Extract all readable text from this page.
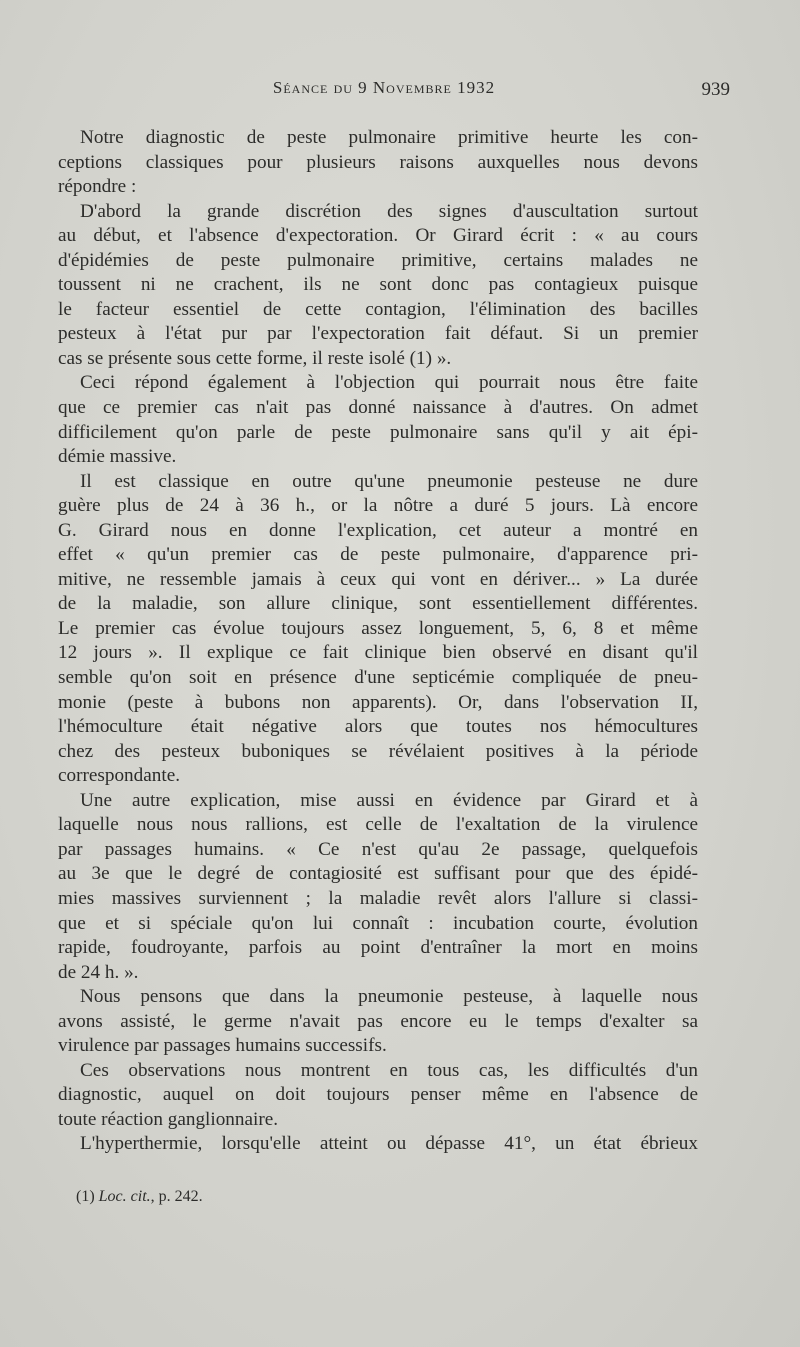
Séance du 9 Novembre 1932	939
Notre diagnostic de peste pulmonaire primitive heurte les con-
ceptions classiques pour plusieurs raisons auxquelles nous devons
répondre :
D'abord la grande discrétion des signes d'auscultation surtout
au début, et l'absence d'expectoration. Or Girard écrit : « au cours
d'épidémies de peste pulmonaire primitive, certains malades ne
toussent ni ne crachent, ils ne sont donc pas contagieux puisque
le facteur essentiel de cette contagion, l'élimination des bacilles
pesteux à l'état pur par l'expectoration fait défaut. Si un premier
cas se présente sous cette forme, il reste isolé (1) ».
Ceci répond également à l'objection qui pourrait nous être faite
que ce premier cas n'ait pas donné naissance à d'autres. On admet
difficilement qu'on parle de peste pulmonaire sans qu'il y ait épi-
démie massive.
Il est classique en outre qu'une pneumonie pesteuse ne dure
guère plus de 24 à 36 h., or la nôtre a duré 5 jours. Là encore
G. Girard nous en donne l'explication, cet auteur a montré en
effet « qu'un premier cas de peste pulmonaire, d'apparence pri-
mitive, ne ressemble jamais à ceux qui vont en dériver... » La durée
de la maladie, son allure clinique, sont essentiellement différentes.
Le premier cas évolue toujours assez longuement, 5, 6, 8 et même
12 jours ». Il explique ce fait clinique bien observé en disant qu'il
semble qu'on soit en présence d'une septicémie compliquée de pneu-
monie (peste à bubons non apparents). Or, dans l'observation II,
l'hémoculture était négative alors que toutes nos hémocultures
chez des pesteux buboniques se révélaient positives à la période
correspondante.
Une autre explication, mise aussi en évidence par Girard et à
laquelle nous nous rallions, est celle de l'exaltation de la virulence
par passages humains. « Ce n'est qu'au 2e passage, quelquefois
au 3e que le degré de contagiosité est suffisant pour que des épidé-
mies massives surviennent ; la maladie revêt alors l'allure si classi-
que et si spéciale qu'on lui connaît : incubation courte, évolution
rapide, foudroyante, parfois au point d'entraîner la mort en moins
de 24 h. ».
Nous pensons que dans la pneumonie pesteuse, à laquelle nous
avons assisté, le germe n'avait pas encore eu le temps d'exalter sa
virulence par passages humains successifs.
Ces observations nous montrent en tous cas, les difficultés d'un
diagnostic, auquel on doit toujours penser même en l'absence de
toute réaction ganglionnaire.
L'hyperthermie, lorsqu'elle atteint ou dépasse 41°, un état ébrieux
(1) Loc. cit., p. 242.
